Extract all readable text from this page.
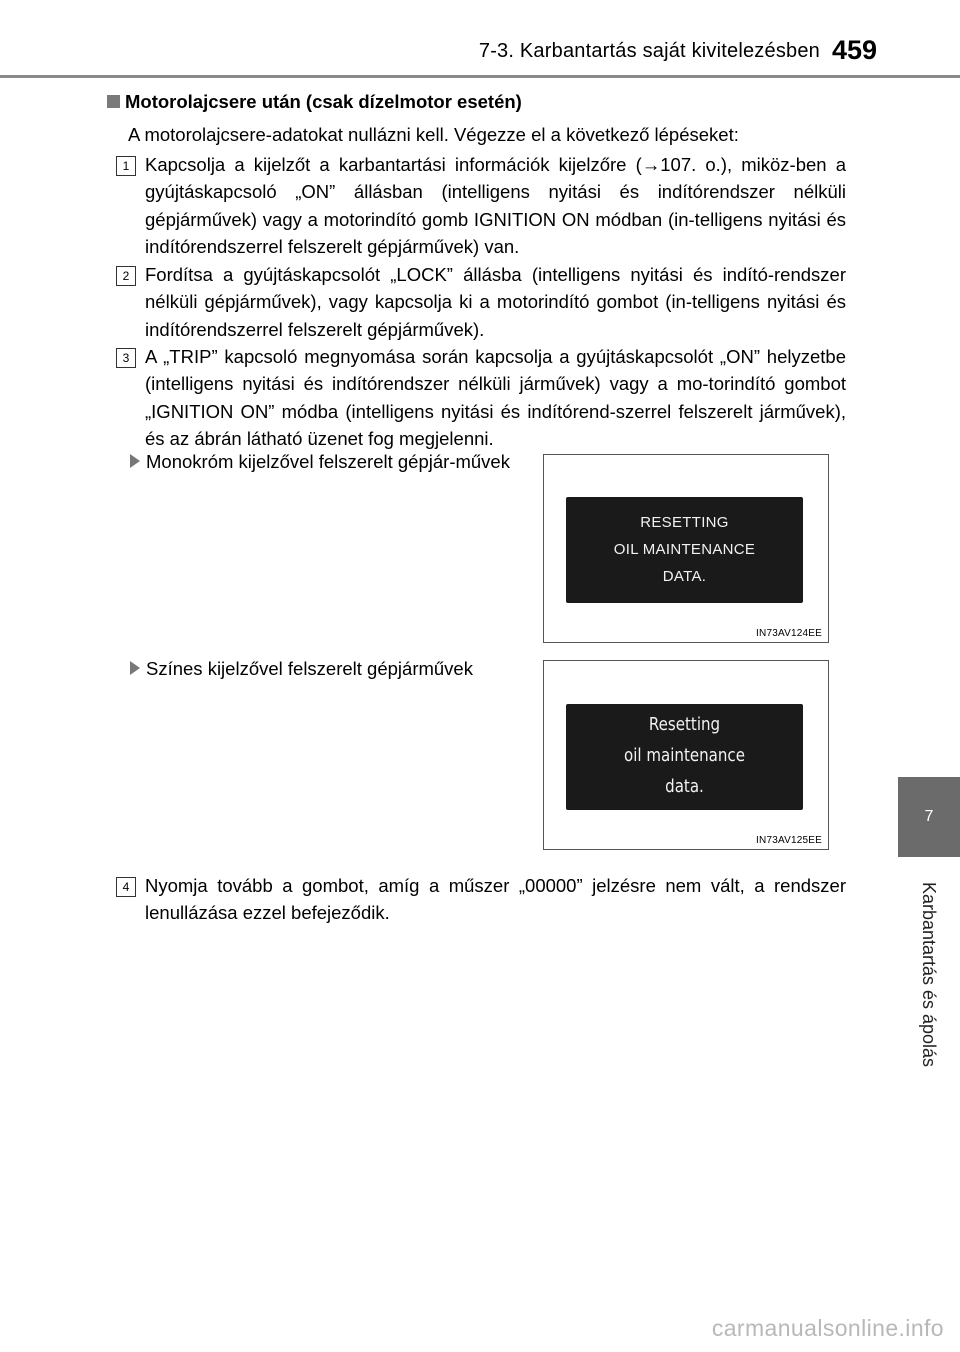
7-3. Karbantartás saját kivitelezésben 459
7
Karbantartás és ápolás
Motorolajcsere után (csak dízelmotor esetén)
A motorolajcsere-adatokat nullázni kell. Végezze el a következő lépéseket:
1 Kapcsolja a kijelzőt a karbantartási információk kijelzőre (→107. o.), miköz-ben a gyújtáskapcsoló „ON” állásban (intelligens nyitási és indítórendszer nélküli gépjárművek) vagy a motorindító gomb IGNITION ON módban (in-telligens nyitási és indítórendszerrel felszerelt gépjárművek) van.

2 Fordítsa a gyújtáskapcsolót „LOCK” állásba (intelligens nyitási és indító-rendszer nélküli gépjárművek), vagy kapcsolja ki a motorindító gombot (in-telligens nyitási és indítórendszerrel felszerelt gépjárművek).

3 A „TRIP” kapcsoló megnyomása során kapcsolja a gyújtáskapcsolót „ON” helyzetbe (intelligens nyitási és indítórendszer nélküli járművek) vagy a mo-torindító gombot „IGNITION ON” módba (intelligens nyitási és indítórend-szerrel felszerelt járművek), és az ábrán látható üzenet fog megjelenni.

Monokróm kijelzővel felszerelt gépjár-művek
RESETTING
OIL MAINTENANCE
DATA.
IN73AV124EE
Színes kijelzővel felszerelt gépjárművek
Resetting
oil maintenance
data.
IN73AV125EE
4 Nyomja tovább a gombot, amíg a műszer „00000” jelzésre nem vált, a rendszer lenullázása ezzel befejeződik.

carmanualsonline.info
